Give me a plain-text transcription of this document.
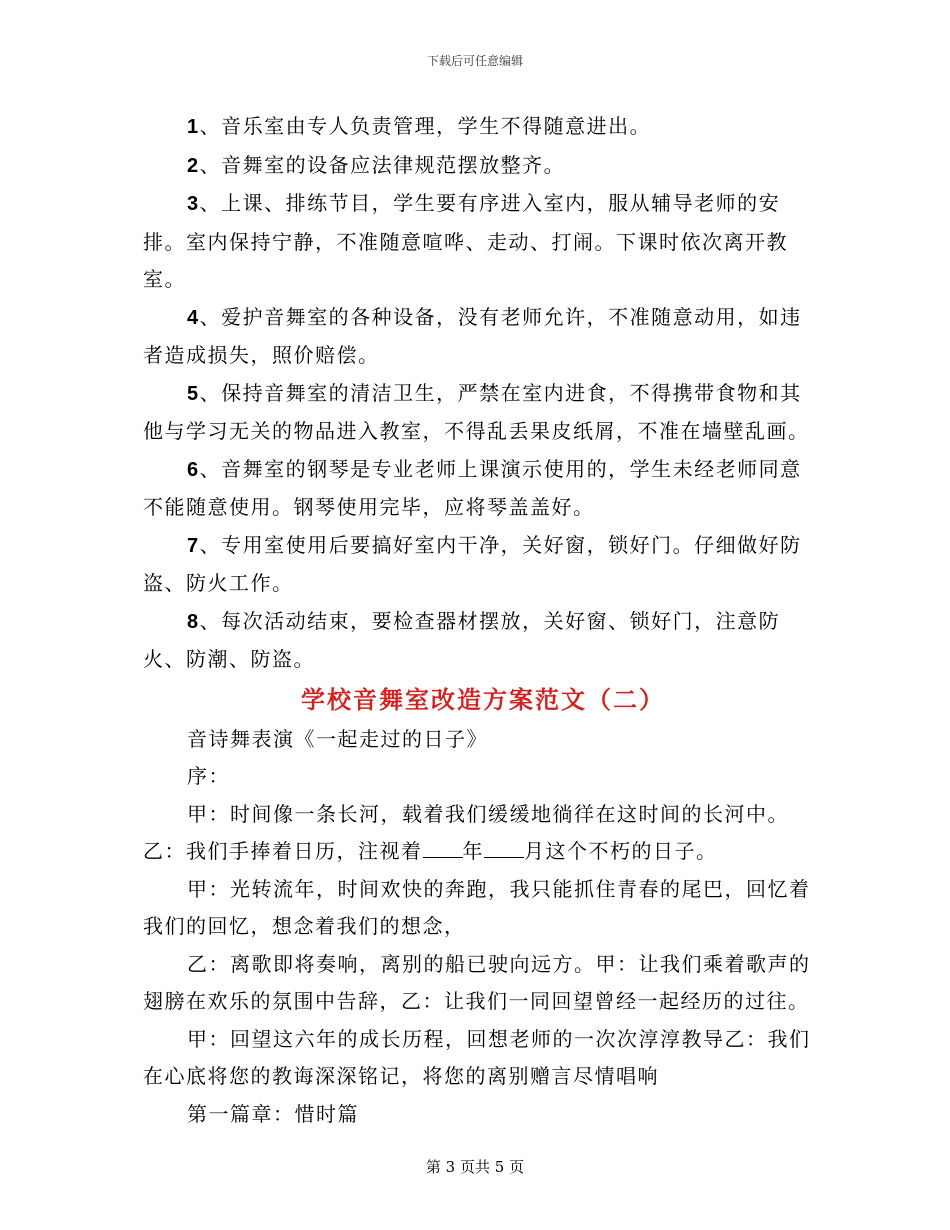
下载后可任意编辑

1、音乐室由专人负责管理，学生不得随意进出。

2、音舞室的设备应法律规范摆放整齐。

3、上课、排练节目，学生要有序进入室内，服从辅导老师的安排。室内保持宁静，不准随意喧哗、走动、打闹。下课时依次离开教室。

4、爱护音舞室的各种设备，没有老师允许，不准随意动用，如违者造成损失，照价赔偿。

5、保持音舞室的清洁卫生，严禁在室内进食，不得携带食物和其他与学习无关的物品进入教室，不得乱丢果皮纸屑，不准在墙壁乱画。

6、音舞室的钢琴是专业老师上课演示使用的，学生未经老师同意不能随意使用。钢琴使用完毕，应将琴盖盖好。

7、专用室使用后要搞好室内干净，关好窗，锁好门。仔细做好防盗、防火工作。

8、每次活动结束，要检查器材摆放，关好窗、锁好门，注意防火、防潮、防盗。

学校音舞室改造方案范文（二）

音诗舞表演《一起走过的日子》

序：

甲：时间像一条长河，载着我们缓缓地徜徉在这时间的长河中。

乙：我们手捧着日历，注视着 年 月这个不朽的日子。

甲：光转流年，时间欢快的奔跑，我只能抓住青春的尾巴，回忆着我们的回忆，想念着我们的想念，

乙：离歌即将奏响，离别的船已驶向远方。甲：让我们乘着歌声的翅膀在欢乐的氛围中告辞，乙：让我们一同回望曾经一起经历的过往。

甲：回望这六年的成长历程，回想老师的一次次淳淳教导乙：我们在心底将您的教诲深深铭记，将您的离别赠言尽情唱响

第一篇章：惜时篇

第 3 页共 5 页
